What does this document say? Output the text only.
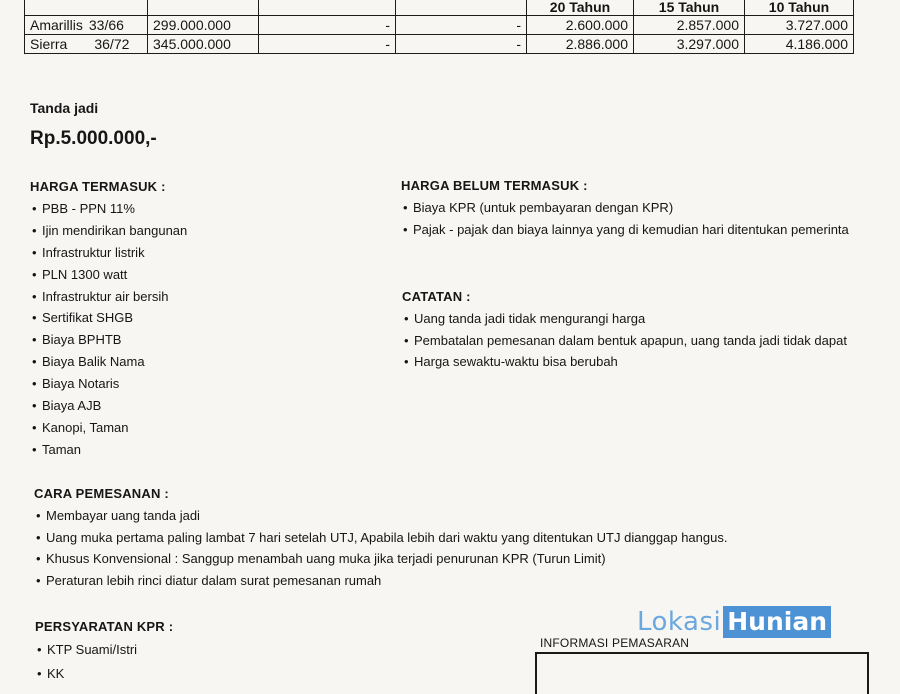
				20 Tahun	15 Tahun	10 Tahun
Amarillis 33/66	299.000.000	-	-	2.600.000	2.857.000	3.727.000
Sierra 36/72	345.000.000	-	-	2.886.000	3.297.000	4.186.000
Tanda jadi
Rp.5.000.000,-
HARGA TERMASUK :
• PBB - PPN 11%
• Ijin mendirikan bangunan
• Infrastruktur listrik
• PLN 1300 watt
• Infrastruktur air bersih
• Sertifikat SHGB
• Biaya BPHTB
• Biaya Balik Nama
• Biaya Notaris
• Biaya AJB
• Kanopi, Taman
• Taman
HARGA BELUM TERMASUK :
• Biaya KPR (untuk pembayaran dengan KPR)
• Pajak - pajak dan biaya lainnya yang di kemudian hari ditentukan pemerinta
CATATAN :
• Uang tanda jadi tidak mengurangi harga
• Pembatalan pemesanan dalam bentuk apapun, uang tanda jadi tidak dapat
• Harga sewaktu-waktu bisa berubah
CARA PEMESANAN :
• Membayar uang tanda jadi
• Uang muka pertama paling lambat 7 hari setelah UTJ, Apabila lebih dari waktu yang ditentukan UTJ dianggap hangus.
• Khusus Konvensional : Sanggup menambah uang muka jika terjadi penurunan KPR (Turun Limit)
• Peraturan lebih rinci diatur dalam surat pemesanan rumah
PERSYARATAN KPR :
• KTP Suami/Istri
• KK
INFORMASI PEMASARAN
Lokasi Hunian
